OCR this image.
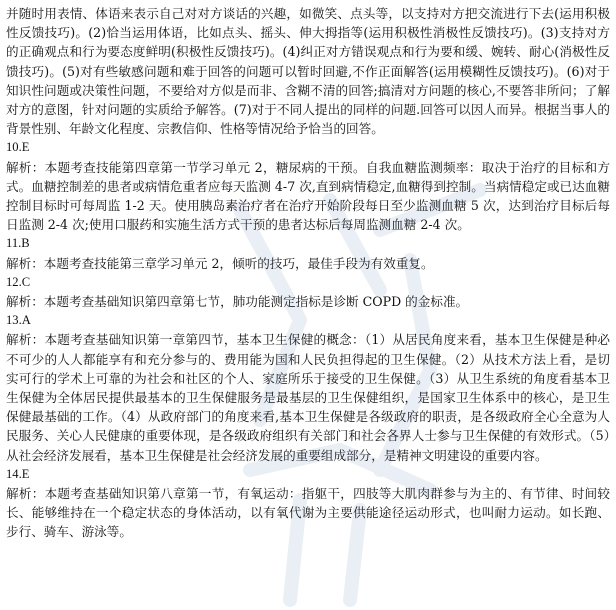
并随时用表情、体语来表示自己对对方谈话的兴趣，如微笑、点头等，以支持对方把交流进行下去(运用积极性反馈技巧)。(2)恰当运用体语，比如点头、摇头、伸大拇指等(运用积极性消极性反馈技巧)。(3)支持对方的正确观点和行为要态度鲜明(积极性反馈技巧)。(4)纠正对方错误观点和行为要和缓、婉转、耐心(消极性反馈技巧)。(5)对有些敏感问题和难于回答的问题可以暂时回避,不作正面解答(运用模糊性反馈技巧)。(6)对于知识性问题或决策性问题，不要给对方似是而非、含糊不清的回答;搞清对方问题的核心,不要答非所问；了解对方的意图，针对问题的实质给予解答。(7)对于不同人提出的同样的问题.回答可以因人而异。根据当事人的背景性别、年龄文化程度、宗教信仰、性格等情况给予恰当的回答。

10.E

解析：本题考查技能第四章第一节学习单元 2，糖尿病的干预。自我血糖监测频率：取决于治疗的目标和方式。血糖控制差的患者或病情危重者应每天监测 4-7 次,直到病情稳定,血糖得到控制。当病情稳定或已达血糖控制目标时可每周监 1-2 天。使用胰岛素治疗者在治疗开始阶段每日至少监测血糖 5 次，达到治疗目标后每日监测 2-4 次;使用口服药和实施生活方式干预的患者达标后每周监测血糖 2-4 次。

11.B

解析：本题考查技能第三章学习单元 2，倾听的技巧，最佳手段为有效重复。

12.C

解析：本题考查基础知识第四章第七节，肺功能测定指标是诊断 COPD 的金标准。

13.A

解析：本题考查基础知识第一章第四节，基本卫生保健的概念：（1）从居民角度来看，基本卫生保健是种必不可少的人人都能享有和充分参与的、费用能为国和人民负担得起的卫生保健。（2）从技术方法上看，是切实可行的学术上可靠的为社会和社区的个人、家庭所乐于接受的卫生保健。（3）从卫生系统的角度看基本卫生保健为全体居民提供最基本的卫生保健服务是最基层的卫生保健组织，是国家卫生体系中的核心，是卫生保健最基础的工作。（4）从政府部门的角度来看,基本卫生保健是各级政府的职责，是各级政府全心全意为人民服务、关心人民健康的重要体现，是各级政府组织有关部门和社会各界人士参与卫生保健的有效形式。（5）从社会经济发展看，基本卫生保健是社会经济发展的重要组成部分，是精神文明建设的重要内容。

14.E

解析：本题考查基础知识第八章第一节，有氧运动：指躯干，四肢等大肌肉群参与为主的、有节律、时间较长、能够维持在一个稳定状态的身体活动，以有氧代谢为主要供能途径运动形式，也叫耐力运动。如长跑、步行、骑车、游泳等。
